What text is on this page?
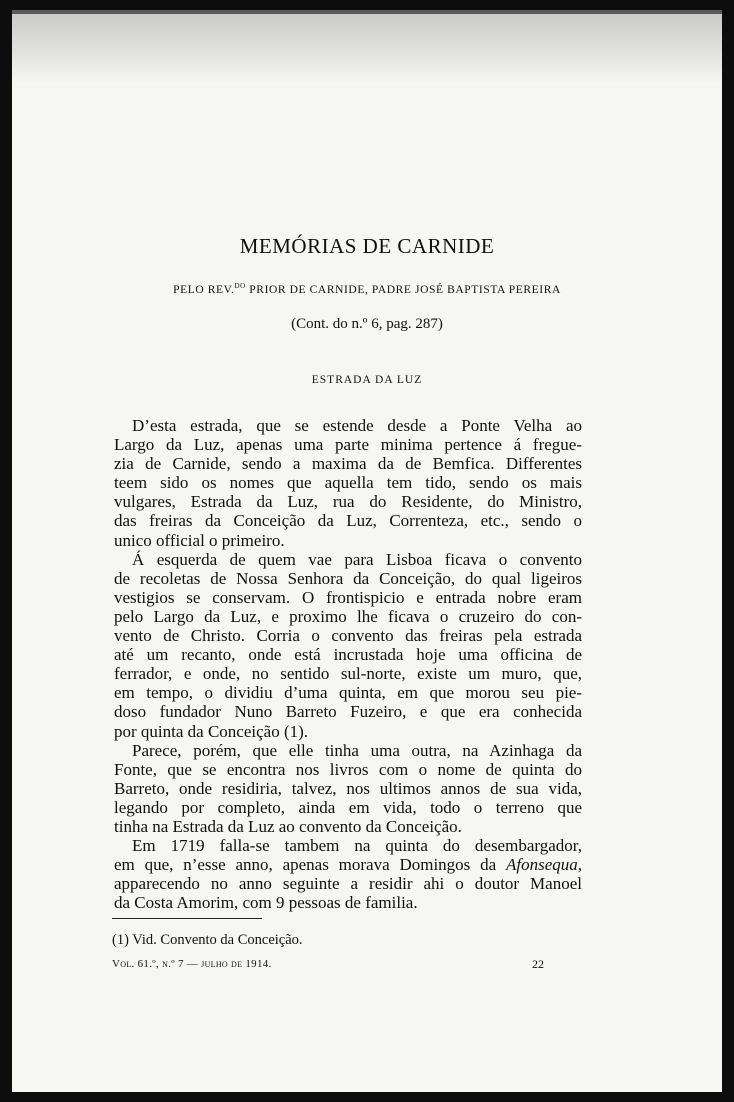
MEMÓRIAS DE CARNIDE
PELO REV.$^{DO}$ PRIOR DE CARNIDE, PADRE JOSÉ BAPTISTA PEREIRA
(Cont. do n.º 6, pag. 287)
ESTRADA DA LUZ
D’esta estrada, que se estende desde a Ponte Velha ao
Largo da Luz, apenas uma parte minima pertence á fregue-
zia de Carnide, sendo a maxima da de Bemfica. Differentes
teem sido os nomes que aquella tem tido, sendo os mais
vulgares, Estrada da Luz, rua do Residente, do Ministro,
das freiras da Conceição da Luz, Correnteza, etc., sendo o
unico official o primeiro.
Á esquerda de quem vae para Lisboa ficava o convento
de recoletas de Nossa Senhora da Conceição, do qual ligeiros
vestigios se conservam. O frontispicio e entrada nobre eram
pelo Largo da Luz, e proximo lhe ficava o cruzeiro do con-
vento de Christo. Corria o convento das freiras pela estrada
até um recanto, onde está incrustada hoje uma officina de
ferrador, e onde, no sentido sul-norte, existe um muro, que,
em tempo, o dividiu d’uma quinta, em que morou seu pie-
doso fundador Nuno Barreto Fuzeiro, e que era conhecida
por quinta da Conceição (1).
Parece, porém, que elle tinha uma outra, na Azinhaga da
Fonte, que se encontra nos livros com o nome de quinta do
Barreto, onde residiria, talvez, nos ultimos annos de sua vida,
legando por completo, ainda em vida, todo o terreno que
tinha na Estrada da Luz ao convento da Conceição.
Em 1719 falla-se tambem na quinta do desembargador,
em que, n’esse anno, apenas morava Domingos da Afonsequa,
apparecendo no anno seguinte a residir ahi o doutor Manoel
da Costa Amorim, com 9 pessoas de familia.
(1) Vid. Convento da Conceição.
Vol. 61.º, n.º 7 — julho de 1914.	22
